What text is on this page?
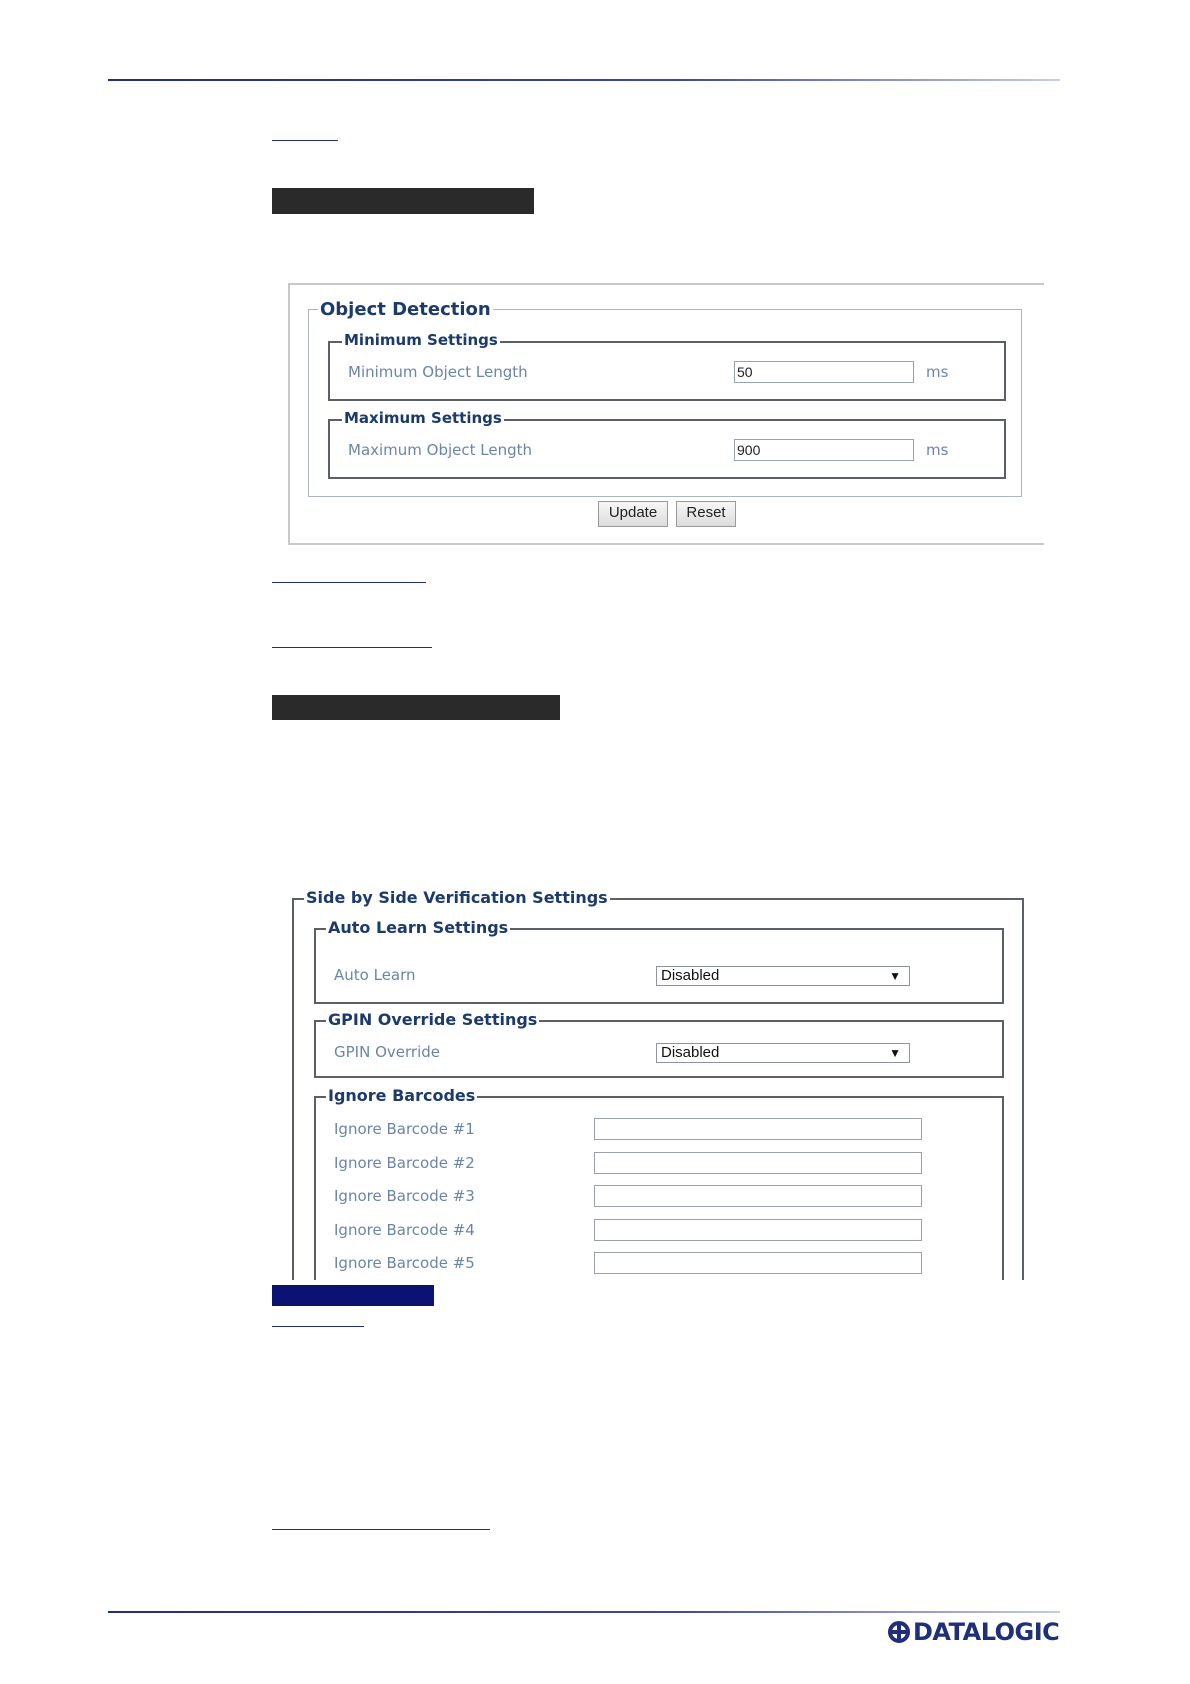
Object Detection
Minimum Settings
Minimum Object Length	50	ms
Maximum Settings
Maximum Object Length	900	ms
Update	Reset
Side by Side Verification Settings
Auto Learn Settings
Auto Learn	Disabled	▼
GPIN Override Settings
GPIN Override	Disabled	▼
Ignore Barcodes
Ignore Barcode #1
Ignore Barcode #2
Ignore Barcode #3
Ignore Barcode #4
Ignore Barcode #5
DATALOGIC
